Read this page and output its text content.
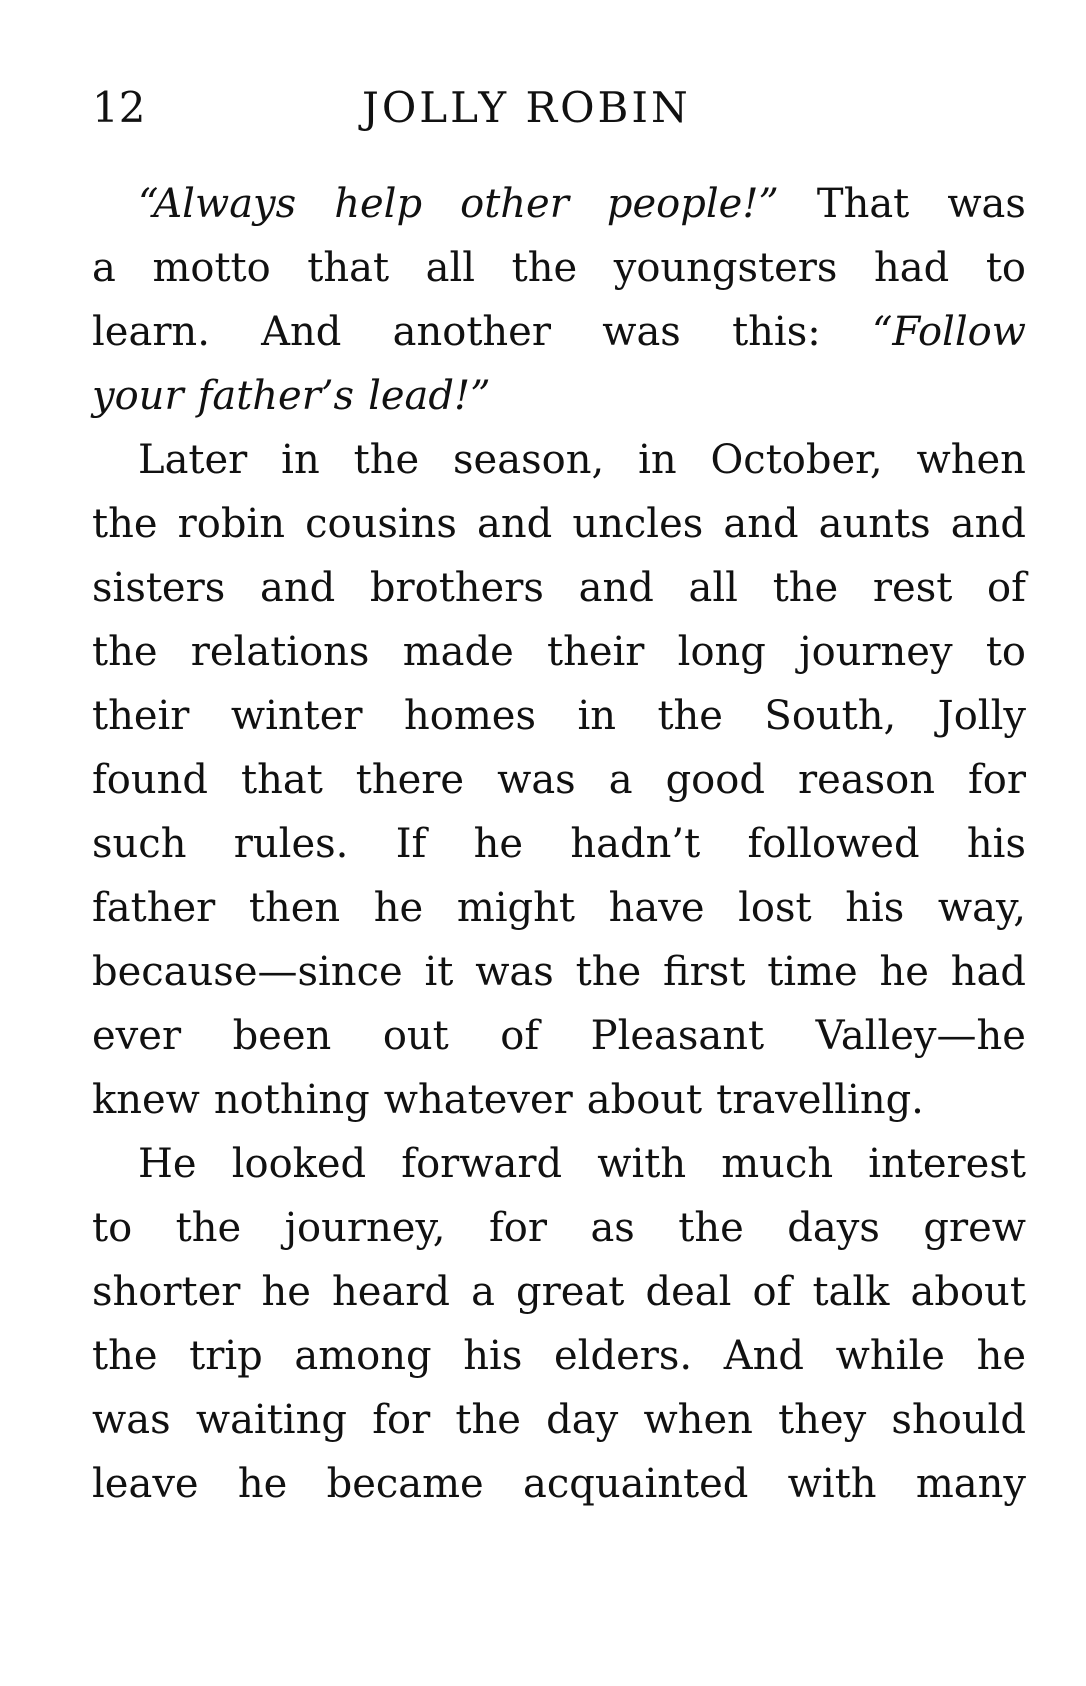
12	JOLLY ROBIN
“Always help other people!” That was
a motto that all the youngsters had to
learn. And another was this: “Follow
your father’s lead!”
Later in the season, in October, when
the robin cousins and uncles and aunts and
sisters and brothers and all the rest of
the relations made their long journey to
their winter homes in the South, Jolly
found that there was a good reason for
such rules. If he hadn’t followed his
father then he might have lost his way,
because—since it was the first time he had
ever been out of Pleasant Valley—he
knew nothing whatever about travelling.
He looked forward with much interest
to the journey, for as the days grew
shorter he heard a great deal of talk about
the trip among his elders. And while he
was waiting for the day when they should
leave he became acquainted with many
